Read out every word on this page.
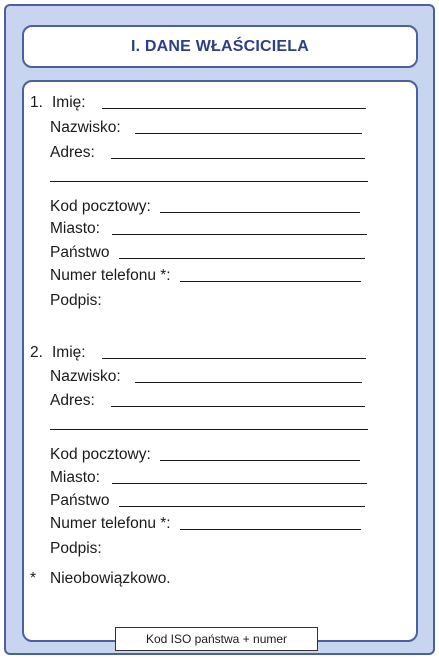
I. DANE WŁAŚCICIELA
1. Imię:
Nazwisko:
Adres:
Kod pocztowy:
Miasto:
Państwo
Numer telefonu *:
Podpis:
2. Imię:
Nazwisko:
Adres:
Kod pocztowy:
Miasto:
Państwo
Numer telefonu *:
Podpis:
* Nieobowiązkowo.
Kod ISO państwa + numer
